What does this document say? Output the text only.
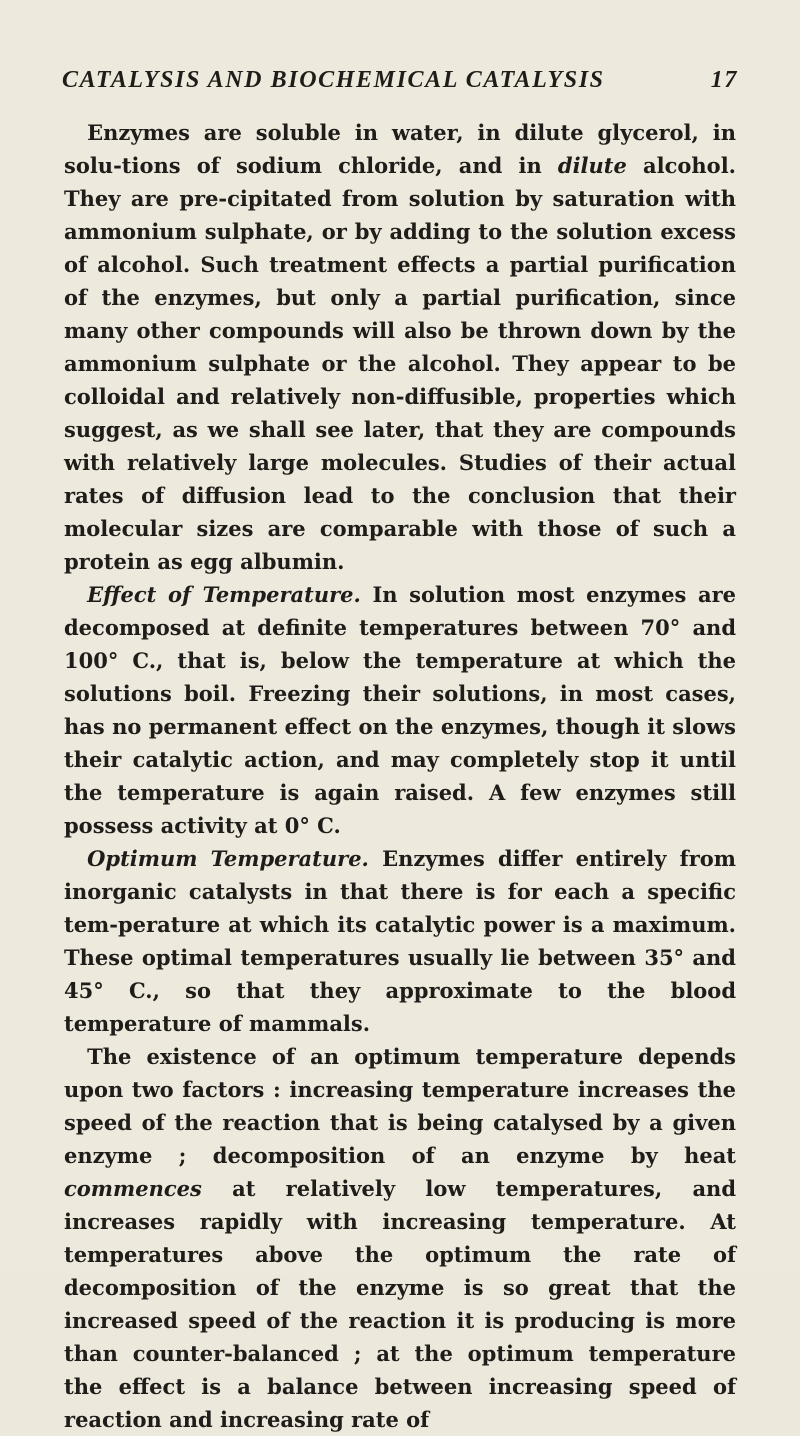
CATALYSIS AND BIOCHEMICAL CATALYSIS	17

Enzymes are soluble in water, in dilute glycerol, in solu-tions of sodium chloride, and in dilute alcohol. They are pre-cipitated from solution by saturation with ammonium sulphate, or by adding to the solution excess of alcohol. Such treatment effects a partial purification of the enzymes, but only a partial purification, since many other compounds will also be thrown down by the ammonium sulphate or the alcohol. They appear to be colloidal and relatively non-diffusible, properties which suggest, as we shall see later, that they are compounds with relatively large molecules. Studies of their actual rates of diffusion lead to the conclusion that their molecular sizes are comparable with those of such a protein as egg albumin.

Effect of Temperature. In solution most enzymes are decomposed at definite temperatures between 70° and 100° C., that is, below the temperature at which the solutions boil. Freezing their solutions, in most cases, has no permanent effect on the enzymes, though it slows their catalytic action, and may completely stop it until the temperature is again raised. A few enzymes still possess activity at 0° C.

Optimum Temperature. Enzymes differ entirely from inorganic catalysts in that there is for each a specific tem-perature at which its catalytic power is a maximum. These optimal temperatures usually lie between 35° and 45° C., so that they approximate to the blood temperature of mammals.

The existence of an optimum temperature depends upon two factors : increasing temperature increases the speed of the reaction that is being catalysed by a given enzyme ; decomposition of an enzyme by heat commences at relatively low temperatures, and increases rapidly with increasing temperature. At temperatures above the optimum the rate of decomposition of the enzyme is so great that the increased speed of the reaction it is producing is more than counter-balanced ; at the optimum temperature the effect is a balance between increasing speed of reaction and increasing rate of
